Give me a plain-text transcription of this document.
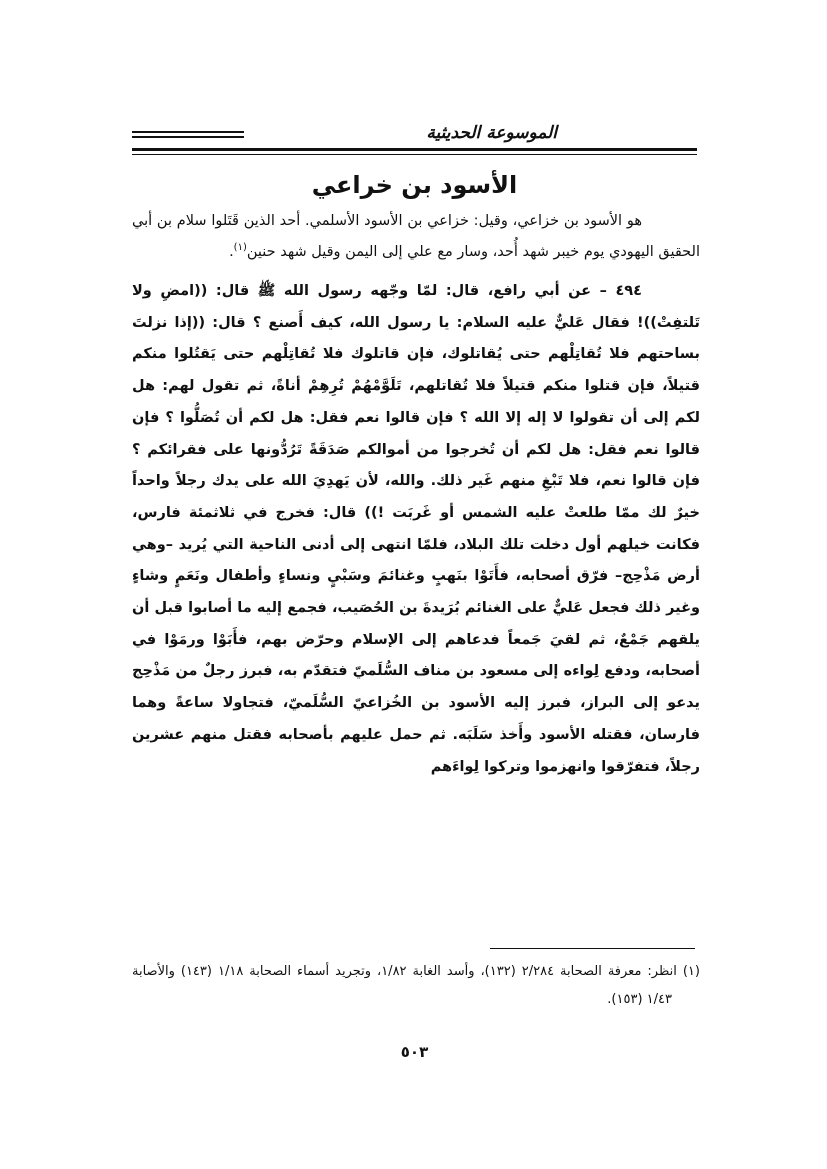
الموسوعة الحديثية
الأسود بن خراعي

هو الأسود بن خزاعي، وقيل: خزاعي بن الأسود الأسلمي. أحد الذين قَتَلوا سلام بن أبي الحقيق اليهودي يوم خيبر شهد أُحد، وسار مع علي إلى اليمن وقيل شهد حنين$^{(١)}$.

٤٩٤ – عن أبي رافع، قال: لمّا وجّهه رسول الله ﷺ قال: ((امضِ ولا تَلتفِتْ))! فقال عَليٌّ عليه السلام: يا رسول الله، كيف أَصنع ؟ قال: ((إذا نزلتَ بساحتهم فلا تُقاتِلْهم حتى يُقاتلوك، فإن قاتلوك فلا تُقاتِلْهم حتى يَقتُلوا منكم قتيلاً، فإن قتلوا منكم قتيلاً فلا تُقاتلهم، تَلَوَّمْهُمْ تُرِهِمْ أناةً، ثم تقول لهم: هل لكم إلى أن تقولوا لا إله إلا الله ؟ فإن قالوا نعم فقل: هل لكم أن تُصَلُّوا ؟ فإن قالوا نعم فقل: هل لكم أن تُخرجوا من أموالكم صَدَقَةً تَرُدُّونها على فقرائكم ؟ فإن قالوا نعم، فلا تَبْغِ منهم غَير ذلك. والله، لأن يَهدِيَ الله على يدك رجلاً واحداً خيرٌ لك ممّا طلعتْ عليه الشمس أو غَربَت !)) قال: فخرج في ثلاثمئة فارس، فكانت خيلهم أول دخلت تلك البلاد، فلمّا انتهى إلى أدنى الناحية التي يُريد –وهي أرض مَذْحِج– فرّق أصحابه، فأَتَوْا بنَهبٍ وغنائمَ وسَبْيٍ ونساءٍ وأطفال ونَعَمٍ وشاءٍ وغير ذلك فجعل عَليٌّ على الغنائم بُرَيدةَ بن الحُصَيب، فجمع إليه ما أصابوا قبل أن يلقهم جَمْعٌ، ثم لقيَ جَمعاً فدعاهم إلى الإسلام وحرّض بهم، فأَبَوْا ورمَوْا في أصحابه، ودفع لِواءه إلى مسعود بن مناف السُّلَميّ فتقدّم به، فبرز رجلٌ من مَذْحِج يدعو إلى البراز، فبرز إليه الأسود بن الخُزاعيّ السُّلَميّ، فتجاولا ساعةً وهما فارسان، فقتله الأسود وأَخذ سَلَبَه. ثم حمل عليهم بأصحابه فقتل منهم عشرين رجلاً، فتفرّقوا وانهزموا وتركوا لِواءَهم

(١) انظر: معرفة الصحابة ٢/٢٨٤ (١٣٢)، وأسد الغابة ١/٨٢، وتجريد أسماء الصحابة ١/١٨ (١٤٣) والأصابة ١/٤٣ (١٥٣).

٥٠٣
